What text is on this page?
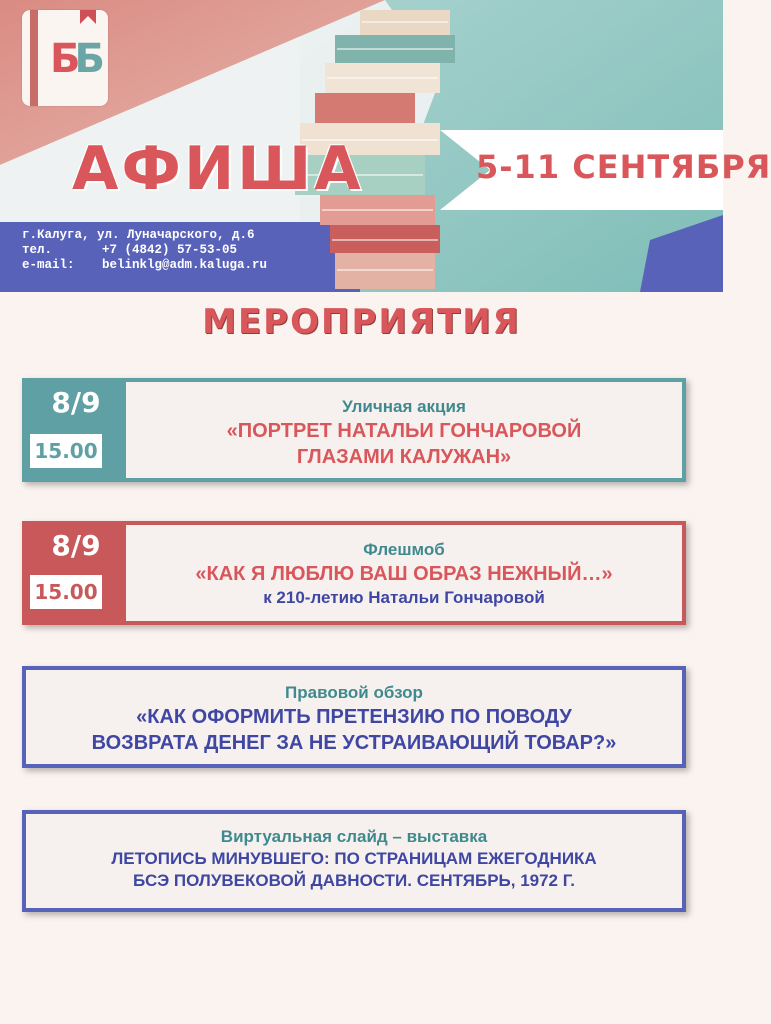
ББ
АФИША	5-11 СЕНТЯБРЯ
г.Калуга, ул. Луначарского, д.6
тел.	+7 (4842) 57-53-05
e-mail: belinklg@adm.kaluga.ru
МЕРОПРИЯТИЯ
8/9
15.00
Уличная акция
«ПОРТРЕТ НАТАЛЬИ ГОНЧАРОВОЙ
ГЛАЗАМИ КАЛУЖАН»
8/9
15.00
Флешмоб
«КАК Я ЛЮБЛЮ ВАШ ОБРАЗ НЕЖНЫЙ…»
к 210-летию Натальи Гончаровой
Правовой обзор
«КАК ОФОРМИТЬ ПРЕТЕНЗИЮ ПО ПОВОДУ
ВОЗВРАТА ДЕНЕГ ЗА НЕ УСТРАИВАЮЩИЙ ТОВАР?»
Виртуальная слайд – выставка
ЛЕТОПИСЬ МИНУВШЕГО: ПО СТРАНИЦАМ ЕЖЕГОДНИКА
БСЭ ПОЛУВЕКОВОЙ ДАВНОСТИ. СЕНТЯБРЬ, 1972 Г.
